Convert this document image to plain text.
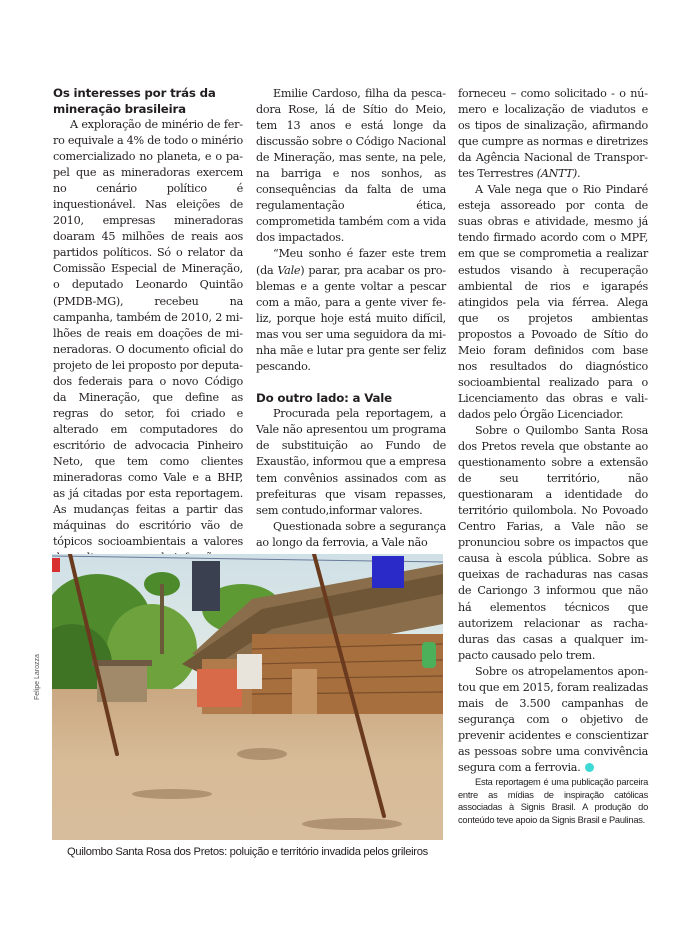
Os interesses por trás da mineração brasileira

A exploração de minério de ferro equivale a 4% de todo o minério comercializado no planeta, e o papel que as mineradoras exercem no cenário político é inquestionável. Nas eleições de 2010, empresas mineradoras doaram 45 milhões de reais aos partidos políticos. Só o relator da Comissão Especial de Mineração, o deputado Leonardo Quintão (PMDB-MG), recebeu na campanha, também de 2010, 2 milhões de reais em doações de mineradoras. O documento oficial do projeto de lei proposto por deputados federais para o novo Código da Mineração, que define as regras do setor, foi criado e alterado em computadores do escritório de advocacia Pinheiro Neto, que tem como clientes mineradoras como Vale e a BHP, as já citadas por esta reportagem. As mudanças feitas a partir das máquinas do escritório vão de tópicos socioambientais a valores

Emilie Cardoso, filha da pescadora Rose, lá de Sítio do Meio, tem 13 anos e está longe da discussão sobre o Código Nacional de Mineração, mas sente, na pele, na barriga e nos sonhos, as consequências da falta de uma regulamentação ética, comprometida também com a vida dos impactados.

“Meu sonho é fazer este trem (da Vale) parar, pra acabar os problemas e a gente voltar a pescar com a mão, para a gente viver feliz, porque hoje está muito difícil, mas vou ser uma seguidora da minha mãe e lutar pra gente ser feliz pescando.

Do outro lado: a Vale

Procurada pela reportagem, a Vale não apresentou um programa de substituição ao Fundo de Exaustão, informou que a empresa tem convênios assinados com as prefeituras que visam repasses, sem contudo,informar valores.

Questionada sobre a segurança ao longo da ferrovia, a Vale não

forneceu – como solicitado - o número e localização de viadutos e os tipos de sinalização, afirmando que cumpre as normas e diretrizes da Agência Nacional de Transportes Terrestres (ANTT).

A Vale nega que o Rio Pindaré esteja assoreado por conta de suas obras e atividade, mesmo já tendo firmado acordo com o MPF, em que se comprometia a realizar estudos visando à recuperação ambiental de rios e igarapés atingidos pela via férrea. Alega que os projetos ambientas propostos a Povoado de Sítio do Meio foram definidos com base nos resultados do diagnóstico socioambiental realizado para o Licenciamento das obras e validados pelo Órgão Licenciador.

Sobre o Quilombo Santa Rosa dos Pretos revela que obstante ao questionamento sobre a extensão de seu território, não questionaram a identidade do território quilombola. No Povoado Centro Farias, a Vale não se pronunciou sobre os impactos que causa à escola pública. Sobre as queixas de rachaduras nas casas de Cariongo 3 informou que não há elementos técnicos que autorizem relacionar as rachaduras das casas a qualquer impacto causado pelo trem.

Sobre os atropelamentos apontou que em 2015, foram realizadas mais de 3.500 campanhas de segurança com o objetivo de prevenir acidentes e conscientizar as pessoas sobre uma convivência segura com a ferrovia.

Esta reportagem é uma publicação parceira entre as mídias de inspiração católicas associadas à Signis Brasil. A produção do conteúdo teve apoio da Signis Brasil e Paulinas.

Felipe Larozza
Quilombo Santa Rosa dos Pretos: poluição e território invadida pelos grileiros
